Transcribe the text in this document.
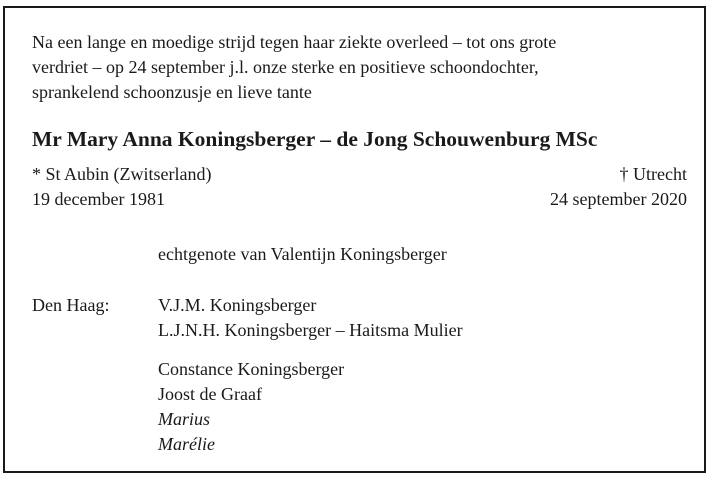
Na een lange en moedige strijd tegen haar ziekte overleed – tot ons grote
verdriet – op 24 september j.l. onze sterke en positieve schoondochter,
sprankelend schoonzusje en lieve tante

Mr Mary Anna Koningsberger – de Jong Schouwenburg MSc
* St Aubin (Zwitserland)
19 december 1981
† Utrecht
24 september 2020
echtgenote van Valentijn Koningsberger
Den Haag:	V.J.M. Koningsberger
L.J.N.H. Koningsberger – Haitsma Mulier
Constance Koningsberger
Joost de Graaf
Marius
Marélie
